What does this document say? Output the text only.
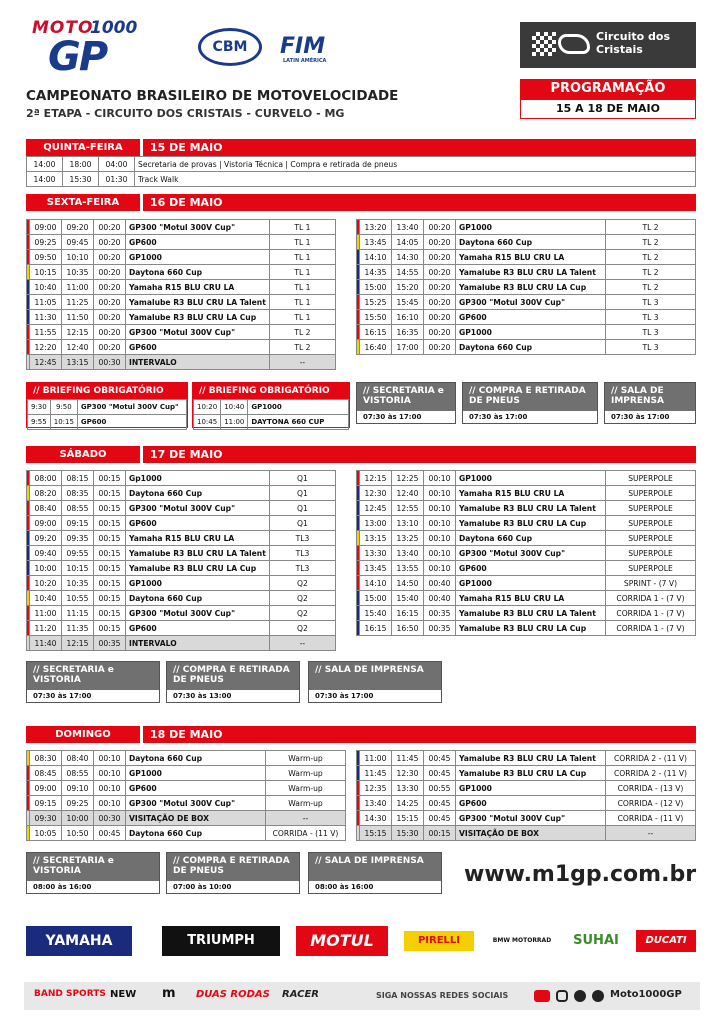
MOTO
1000
GP	CBM	FIM
LATIN AMÉRICA
Circuito dos Cristais
CAMPEONATO BRASILEIRO DE MOTOVELOCIDADE
2ª ETAPA - CIRCUITO DOS CRISTAIS - CURVELO - MG
PROGRAMAÇÃO
15 A 18 DE MAIO
QUINTA-FEIRA	15 DE MAIO
14:00	18:00	04:00	Secretaria de provas | Vistoria Técnica | Compra e retirada de pneus
14:00	15:30	01:30	Track Walk
SEXTA-FEIRA	16 DE MAIO
	09:00	09:20	00:20	GP300 "Motul 300V Cup"	TL 1
	09:25	09:45	00:20	GP600	TL 1
	09:50	10:10	00:20	GP1000	TL 1
	10:15	10:35	00:20	Daytona 660 Cup	TL 1
	10:40	11:00	00:20	Yamaha R15 BLU CRU LA	TL 1
	11:05	11:25	00:20	Yamalube R3 BLU CRU LA Talent	TL 1
	11:30	11:50	00:20	Yamalube R3 BLU CRU LA Cup	TL 1
	11:55	12:15	00:20	GP300 "Motul 300V Cup"	TL 2
	12:20	12:40	00:20	GP600	TL 2
	12:45	13:15	00:30	INTERVALO	--
	13:20	13:40	00:20	GP1000	TL 2
	13:45	14:05	00:20	Daytona 660 Cup	TL 2
	14:10	14:30	00:20	Yamaha R15 BLU CRU LA	TL 2
	14:35	14:55	00:20	Yamalube R3 BLU CRU LA Talent	TL 2
	15:00	15:20	00:20	Yamalube R3 BLU CRU LA Cup	TL 2
	15:25	15:45	00:20	GP300 "Motul 300V Cup"	TL 3
	15:50	16:10	00:20	GP600	TL 3
	16:15	16:35	00:20	GP1000	TL 3
	16:40	17:00	00:20	Daytona 660 Cup	TL 3
// BRIEFING OBRIGATÓRIO
9:30	9:50	GP300 "Motul 300V Cup"
9:55	10:15	GP600
// BRIEFING OBRIGATÓRIO
10:20	10:40	GP1000
10:45	11:00	DAYTONA 660 CUP
// SECRETARIA e VISTORIA
07:30 às 17:00
// COMPRA E RETIRADA DE PNEUS
07:30 às 17:00
// SALA DE IMPRENSA
07:30 às 17:00
SÁBADO	17 DE MAIO
	08:00	08:15	00:15	Gp1000	Q1
	08:20	08:35	00:15	Daytona 660 Cup	Q1
	08:40	08:55	00:15	GP300 "Motul 300V Cup"	Q1
	09:00	09:15	00:15	GP600	Q1
	09:20	09:35	00:15	Yamaha R15 BLU CRU LA	TL3
	09:40	09:55	00:15	Yamalube R3 BLU CRU LA Talent	TL3
	10:00	10:15	00:15	Yamalube R3 BLU CRU LA Cup	TL3
	10:20	10:35	00:15	GP1000	Q2
	10:40	10:55	00:15	Daytona 660 Cup	Q2
	11:00	11:15	00:15	GP300 "Motul 300V Cup"	Q2
	11:20	11:35	00:15	GP600	Q2
	11:40	12:15	00:35	INTERVALO	--
	12:15	12:25	00:10	GP1000	SUPERPOLE
	12:30	12:40	00:10	Yamaha R15 BLU CRU LA	SUPERPOLE
	12:45	12:55	00:10	Yamalube R3 BLU CRU LA Talent	SUPERPOLE
	13:00	13:10	00:10	Yamalube R3 BLU CRU LA Cup	SUPERPOLE
	13:15	13:25	00:10	Daytona 660 Cup	SUPERPOLE
	13:30	13:40	00:10	GP300 "Motul 300V Cup"	SUPERPOLE
	13:45	13:55	00:10	GP600	SUPERPOLE
	14:10	14:50	00:40	GP1000	SPRINT - (7 V)
	15:00	15:40	00:40	Yamaha R15 BLU CRU LA	CORRIDA 1 - (7 V)
	15:40	16:15	00:35	Yamalube R3 BLU CRU LA Talent	CORRIDA 1 - (7 V)
	16:15	16:50	00:35	Yamalube R3 BLU CRU LA Cup	CORRIDA 1 - (7 V)
// SECRETARIA e VISTORIA
07:30 às 17:00
// COMPRA E RETIRADA DE PNEUS
07:30 às 13:00
// SALA DE IMPRENSA
07:30 às 17:00
DOMINGO	18 DE MAIO
	08:30	08:40	00:10	Daytona 660 Cup	Warm-up
	08:45	08:55	00:10	GP1000	Warm-up
	09:00	09:10	00:10	GP600	Warm-up
	09:15	09:25	00:10	GP300 "Motul 300V Cup"	Warm-up
	09:30	10:00	00:30	VISITAÇÃO DE BOX	--
	10:05	10:50	00:45	Daytona 660 Cup	CORRIDA - (11 V)
	11:00	11:45	00:45	Yamalube R3 BLU CRU LA Talent	CORRIDA 2 - (11 V)
	11:45	12:30	00:45	Yamalube R3 BLU CRU LA Cup	CORRIDA 2 - (11 V)
	12:35	13:30	00:55	GP1000	CORRIDA - (13 V)
	13:40	14:25	00:45	GP600	CORRIDA - (12 V)
	14:30	15:15	00:45	GP300 "Motul 300V Cup"	CORRIDA - (11 V)
	15:15	15:30	00:15	VISITAÇÃO DE BOX	--
// SECRETARIA e VISTORIA
08:00 às 16:00
// COMPRA E RETIRADA DE PNEUS
07:00 às 10:00
// SALA DE IMPRENSA
08:00 às 16:00	www.m1gp.com.br
YAMAHA	TRIUMPH	MOTUL	PIRELLI	BMW MOTORRAD	SUHAI	DUCATI
BAND SPORTS NEW m DUAS RODAS RACER	SIGA NOSSAS REDES SOCIAIS	Moto1000GP
